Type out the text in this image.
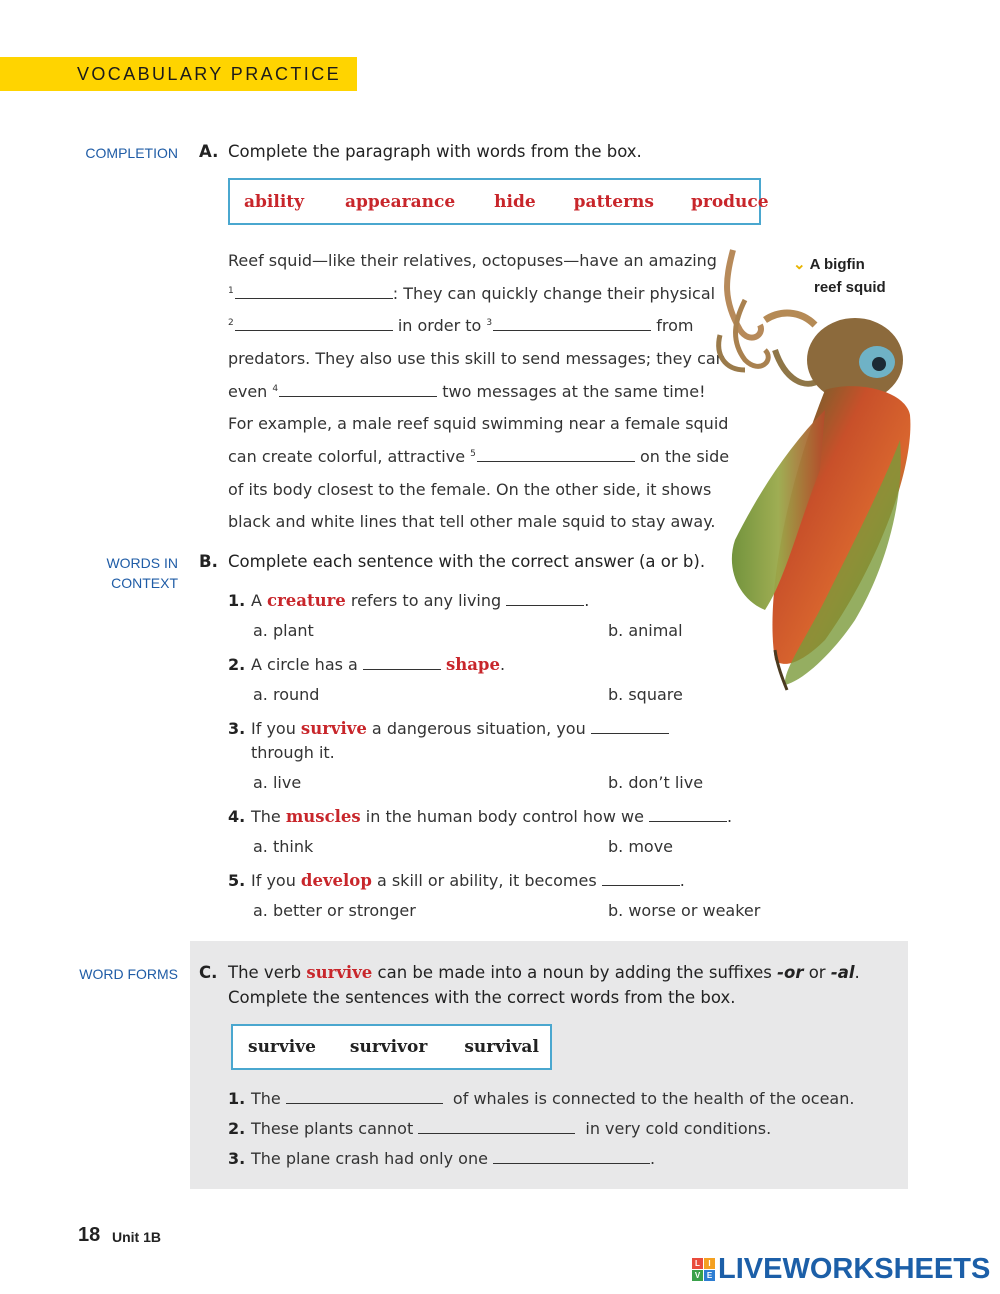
VOCABULARY PRACTICE
COMPLETION A. Complete the paragraph with words from the box.
ability appearance hide patterns produce
Reef squid—like their relatives, octopuses—have an amazing
$^1$	: They can quickly change their physical
$^2$	in order to $^3$	from
predators. They also use this skill to send messages; they can
even $^4$	two messages at the same time!
For example, a male reef squid swimming near a female squid
can create colorful, attractive $^5$	on the side
of its body closest to the female. On the other side, it shows
black and white lines that tell other male squid to stay away.
⌄ A bigfin
reef squid
WORDS IN
CONTEXT
B. Complete each sentence with the correct answer (a or b).
1. A creature refers to any living	.
a. plant	b. animal
2. A circle has a	shape.
a. round	b. square
3. If you survive a dangerous situation, you
through it.
a. live	b. don’t live
4. The muscles in the human body control how we	.
a. think	b. move
5. If you develop a skill or ability, it becomes	.
a. better or stronger	b. worse or weaker
WORD FORMS C. The verb survive can be made into a noun by adding the suffixes -or or -al.
Complete the sentences with the correct words from the box.
survive survivor survival
1. The	of whales is connected to the health of the ocean.
2. These plants cannot	in very cold conditions.
3. The plane crash had only one	.
18 Unit 1B
L	I
V E LIVEWORKSHEETS
